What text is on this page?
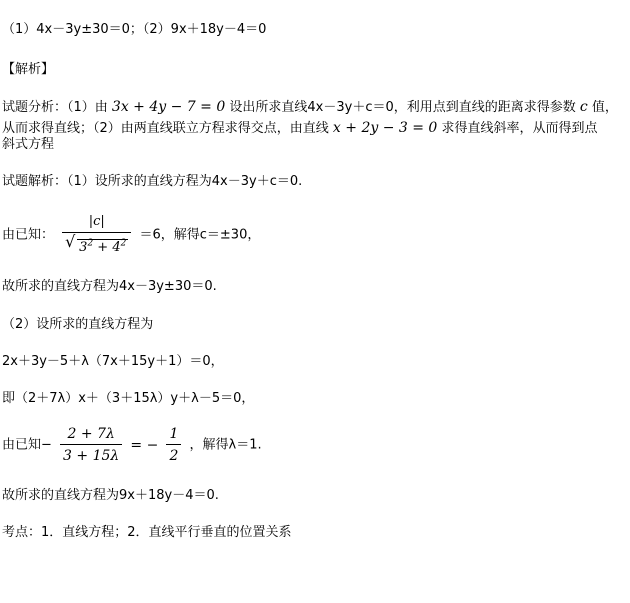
（1）4x－3y±30＝0；（2）9x＋18y－4＝0
【解析】
试题分析：（1）由 3x + 4y − 7 = 0 设出所求直线4x－3y＋c＝0，利用点到直线的距离求得参数 c 值，
从而求得直线；（2）由两直线联立方程求得交点，由直线 x + 2y − 3 = 0 求得直线斜率，从而得到点
斜式方程
试题解析：（1）设所求的直线方程为4x－3y＋c＝0.
由已知： $\frac{|c|}{√ 3^2 + 4^2} =6$，解得c＝±30，
故所求的直线方程为4x－3y±30＝0.
（2）设所求的直线方程为
2x＋3y－5＋λ（7x＋15y＋1）＝0，
即（2＋7λ）x＋（3＋15λ）y＋λ－5＝0，
由已知− $\frac{2 + 7\lambda}{3 + 15\lambda}$ = − $\frac{1}{2}$ ，解得λ＝1.
故所求的直线方程为9x＋18y－4＝0.
考点：1．直线方程；2．直线平行垂直的位置关系
